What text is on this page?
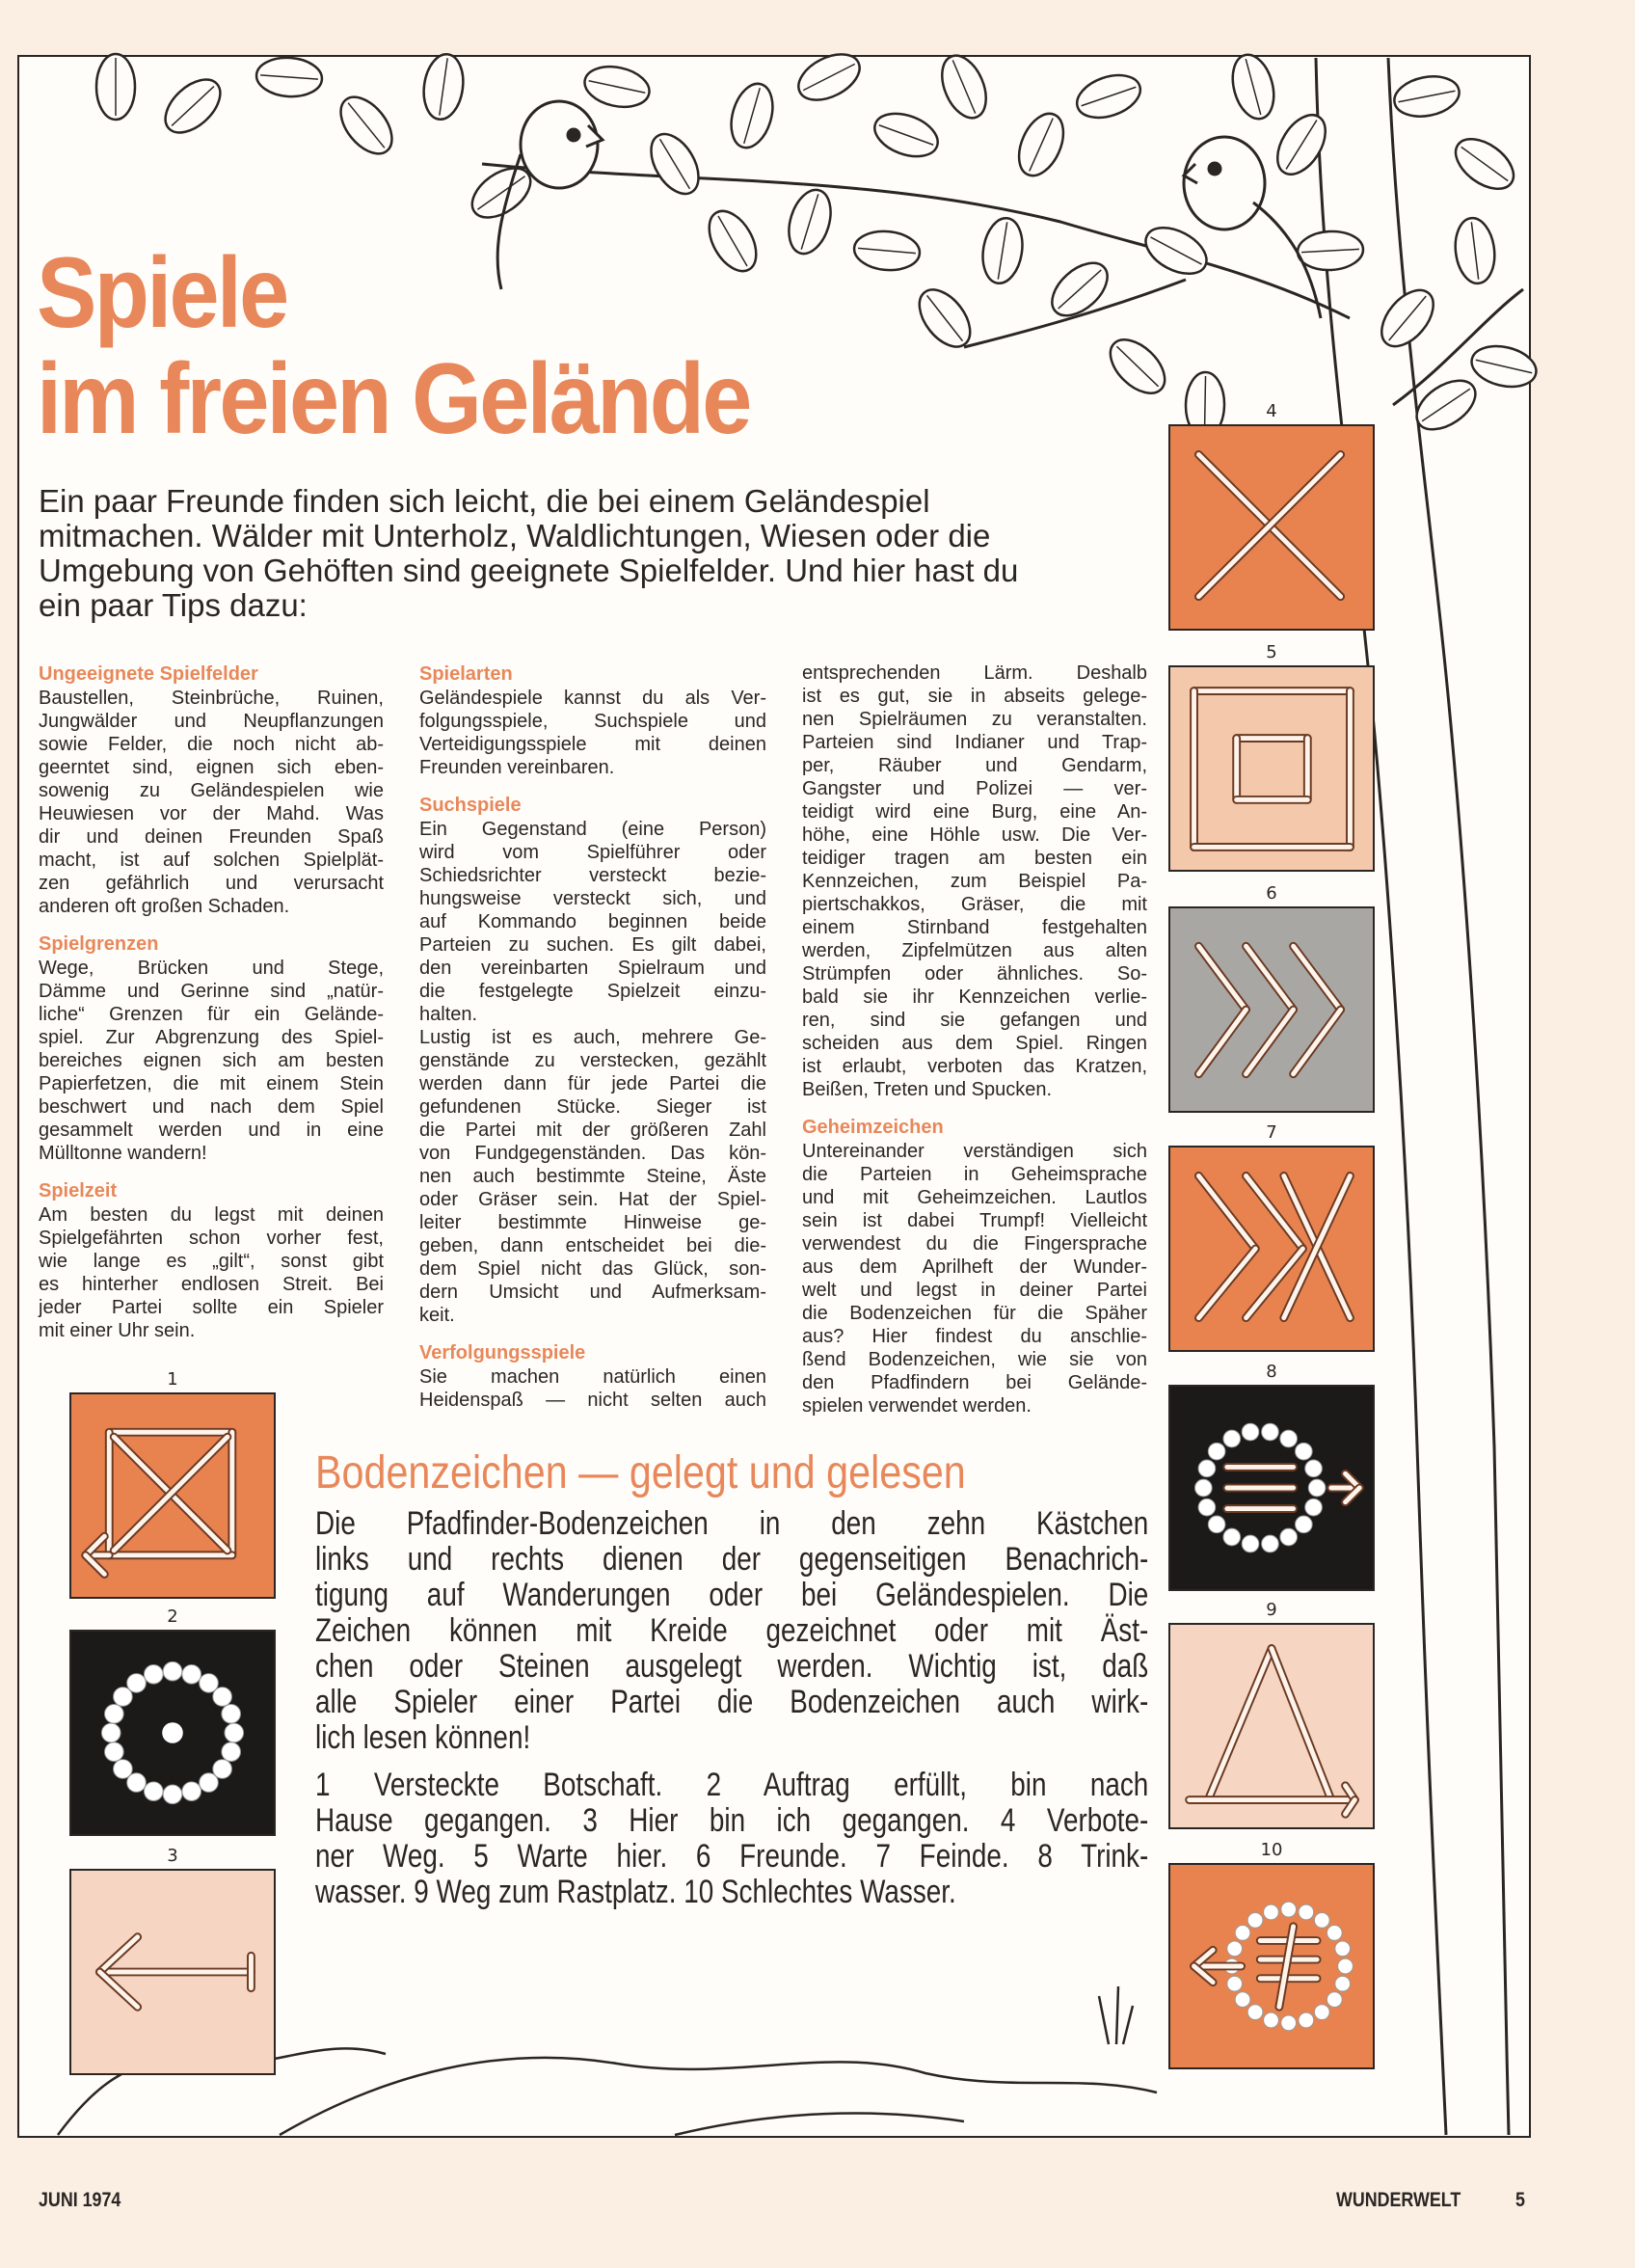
Spiele
im freien Gelände
Ein paar Freunde finden sich leicht, die bei einem Geländespiel
mitmachen. Wälder mit Unterholz, Waldlichtungen, Wiesen oder die
Umgebung von Gehöften sind geeignete Spielfelder. Und hier hast du
ein paar Tips dazu:
Ungeeignete Spielfelder
Baustellen, Steinbrüche, Ruinen,
Jungwälder und Neupflanzungen
sowie Felder, die noch nicht ab-
geerntet sind, eignen sich eben-
sowenig zu Geländespielen wie
Heuwiesen vor der Mahd. Was
dir und deinen Freunden Spaß
macht, ist auf solchen Spielplät-
zen gefährlich und verursacht
anderen oft großen Schaden.
Spielgrenzen
Wege, Brücken und Stege,
Dämme und Gerinne sind „natür-
liche“ Grenzen für ein Gelände-
spiel. Zur Abgrenzung des Spiel-
bereiches eignen sich am besten
Papierfetzen, die mit einem Stein
beschwert und nach dem Spiel
gesammelt werden und in eine
Mülltonne wandern!
Spielzeit
Am besten du legst mit deinen
Spielgefährten schon vorher fest,
wie lange es „gilt“, sonst gibt
es hinterher endlosen Streit. Bei
jeder Partei sollte ein Spieler
mit einer Uhr sein.
Spielarten
Geländespiele kannst du als Ver-
folgungsspiele, Suchspiele und
Verteidigungsspiele mit deinen
Freunden vereinbaren.
Suchspiele
Ein Gegenstand (eine Person)
wird vom Spielführer oder
Schiedsrichter versteckt bezie-
hungsweise versteckt sich, und
auf Kommando beginnen beide
Parteien zu suchen. Es gilt dabei,
den vereinbarten Spielraum und
die festgelegte Spielzeit einzu-
halten.
Lustig ist es auch, mehrere Ge-
genstände zu verstecken, gezählt
werden dann für jede Partei die
gefundenen Stücke. Sieger ist
die Partei mit der größeren Zahl
von Fundgegenständen. Das kön-
nen auch bestimmte Steine, Äste
oder Gräser sein. Hat der Spiel-
leiter bestimmte Hinweise ge-
geben, dann entscheidet bei die-
dem Spiel nicht das Glück, son-
dern Umsicht und Aufmerksam-
keit.
Verfolgungsspiele
Sie machen natürlich einen
Heidenspaß — nicht selten auch
entsprechenden Lärm. Deshalb
ist es gut, sie in abseits gelege-
nen Spielräumen zu veranstalten.
Parteien sind Indianer und Trap-
per, Räuber und Gendarm,
Gangster und Polizei — ver-
teidigt wird eine Burg, eine An-
höhe, eine Höhle usw. Die Ver-
teidiger tragen am besten ein
Kennzeichen, zum Beispiel Pa-
piertschakkos, Gräser, die mit
einem Stirnband festgehalten
werden, Zipfelmützen aus alten
Strümpfen oder ähnliches. So-
bald sie ihr Kennzeichen verlie-
ren, sind sie gefangen und
scheiden aus dem Spiel. Ringen
ist erlaubt, verboten das Kratzen,
Beißen, Treten und Spucken.
Geheimzeichen
Untereinander verständigen sich
die Parteien in Geheimsprache
und mit Geheimzeichen. Lautlos
sein ist dabei Trumpf! Vielleicht
verwendest du die Fingersprache
aus dem Aprilheft der Wunder-
welt und legst in deiner Partei
die Bodenzeichen für die Späher
aus? Hier findest du anschlie-
ßend Bodenzeichen, wie sie von
den Pfadfindern bei Gelände-
spielen verwendet werden.
Bodenzeichen — gelegt und gelesen
Die Pfadfinder-Bodenzeichen in den zehn Kästchen
links und rechts dienen der gegenseitigen Benachrich-
tigung auf Wanderungen oder bei Geländespielen. Die
Zeichen können mit Kreide gezeichnet oder mit Äst-
chen oder Steinen ausgelegt werden. Wichtig ist, daß
alle Spieler einer Partei die Bodenzeichen auch wirk-
lich lesen können!
1 Versteckte Botschaft. 2 Auftrag erfüllt, bin nach
Hause gegangen. 3 Hier bin ich gegangen. 4 Verbote-
ner Weg. 5 Warte hier. 6 Freunde. 7 Feinde. 8 Trink-
wasser. 9 Weg zum Rastplatz. 10 Schlechtes Wasser.
1
2
3
4
5
6
7
8
9
10
JUNI 1974	WUNDERWELT	5
